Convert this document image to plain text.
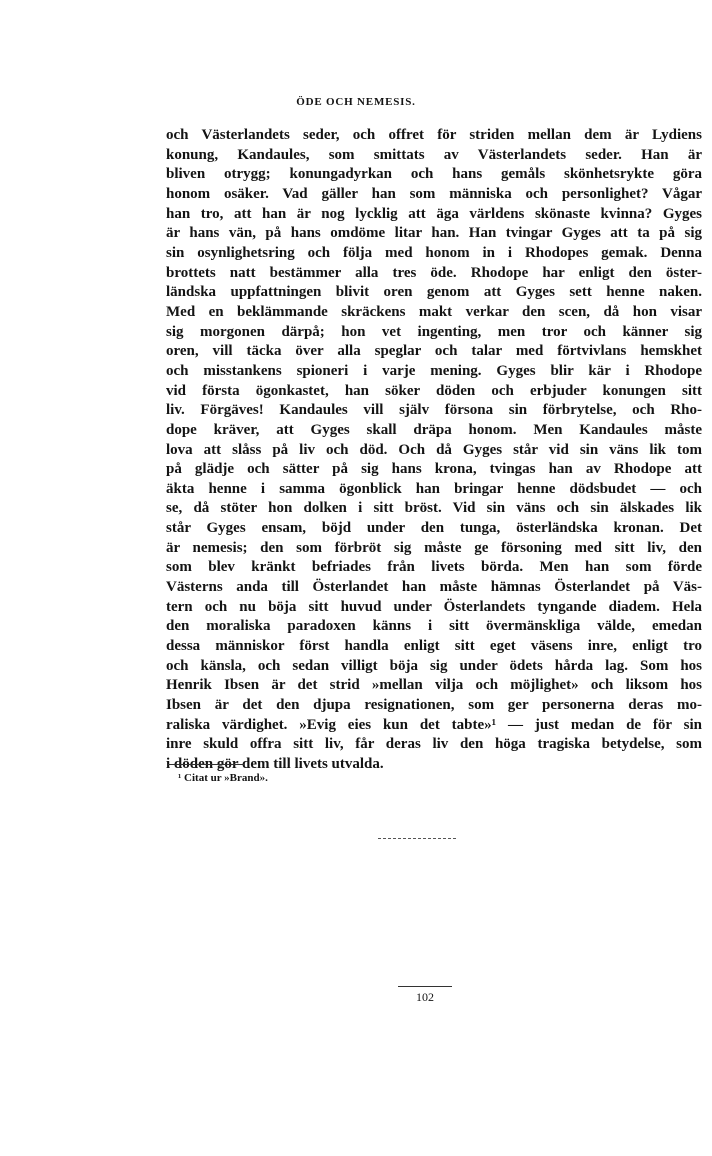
ÖDE OCH NEMESIS.
och Västerlandets seder, och offret för striden mellan dem är Lydiens
konung, Kandaules, som smittats av Västerlandets seder. Han är
bliven otrygg; konungadyrkan och hans gemåls skönhetsrykte göra
honom osäker. Vad gäller han som människa och personlighet? Vågar
han tro, att han är nog lycklig att äga världens skönaste kvinna? Gyges
är hans vän, på hans omdöme litar han. Han tvingar Gyges att ta på sig
sin osynlighetsring och följa med honom in i Rhodopes gemak. Denna
brottets natt bestämmer alla tres öde. Rhodope har enligt den öster-
ländska uppfattningen blivit oren genom att Gyges sett henne naken.
Med en beklämmande skräckens makt verkar den scen, då hon visar
sig morgonen därpå; hon vet ingenting, men tror och känner sig
oren, vill täcka över alla speglar och talar med förtvivlans hemskhet
och misstankens spioneri i varje mening. Gyges blir kär i Rhodope
vid första ögonkastet, han söker döden och erbjuder konungen sitt
liv. Förgäves! Kandaules vill själv försona sin förbrytelse, och Rho-
dope kräver, att Gyges skall dräpa honom. Men Kandaules måste
lova att slåss på liv och död. Och då Gyges står vid sin väns lik tom
på glädje och sätter på sig hans krona, tvingas han av Rhodope att
äkta henne i samma ögonblick han bringar henne dödsbudet — och
se, då stöter hon dolken i sitt bröst. Vid sin väns och sin älskades lik
står Gyges ensam, böjd under den tunga, österländska kronan. Det
är nemesis; den som förbröt sig måste ge försoning med sitt liv, den
som blev kränkt befriades från livets börda. Men han som förde
Västerns anda till Österlandet han måste hämnas Österlandet på Väs-
tern och nu böja sitt huvud under Österlandets tyngande diadem. Hela
den moraliska paradoxen känns i sitt övermänskliga välde, emedan
dessa människor först handla enligt sitt eget väsens inre, enligt tro
och känsla, och sedan villigt böja sig under ödets hårda lag. Som hos
Henrik Ibsen är det strid »mellan vilja och möjlighet» och liksom hos
Ibsen är det den djupa resignationen, som ger personerna deras mo-
raliska värdighet. »Evig eies kun det tabte»¹ — just medan de för sin
inre skuld offra sitt liv, får deras liv den höga tragiska betydelse, som
i döden gör dem till livets utvalda.
¹ Citat ur »Brand».
102
